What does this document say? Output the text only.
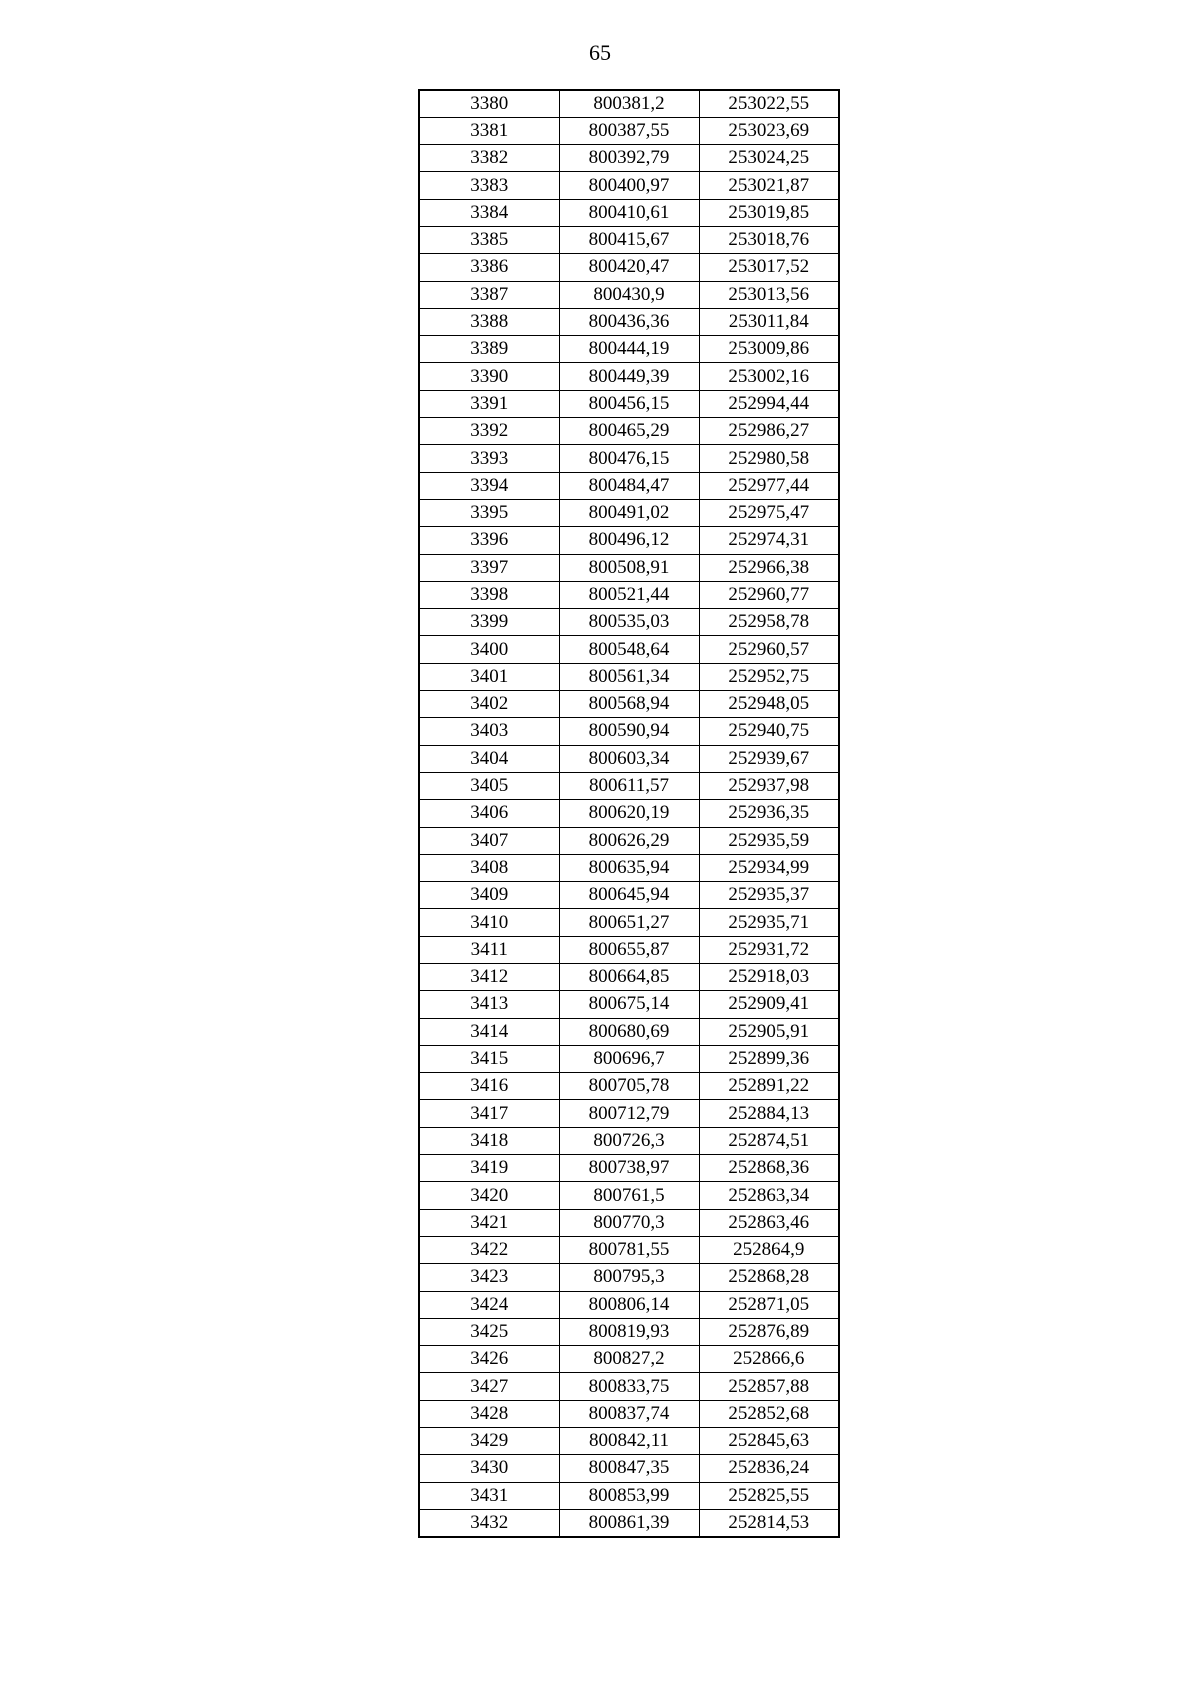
65
3380	800381,2	253022,55
3381	800387,55	253023,69
3382	800392,79	253024,25
3383	800400,97	253021,87
3384	800410,61	253019,85
3385	800415,67	253018,76
3386	800420,47	253017,52
3387	800430,9	253013,56
3388	800436,36	253011,84
3389	800444,19	253009,86
3390	800449,39	253002,16
3391	800456,15	252994,44
3392	800465,29	252986,27
3393	800476,15	252980,58
3394	800484,47	252977,44
3395	800491,02	252975,47
3396	800496,12	252974,31
3397	800508,91	252966,38
3398	800521,44	252960,77
3399	800535,03	252958,78
3400	800548,64	252960,57
3401	800561,34	252952,75
3402	800568,94	252948,05
3403	800590,94	252940,75
3404	800603,34	252939,67
3405	800611,57	252937,98
3406	800620,19	252936,35
3407	800626,29	252935,59
3408	800635,94	252934,99
3409	800645,94	252935,37
3410	800651,27	252935,71
3411	800655,87	252931,72
3412	800664,85	252918,03
3413	800675,14	252909,41
3414	800680,69	252905,91
3415	800696,7	252899,36
3416	800705,78	252891,22
3417	800712,79	252884,13
3418	800726,3	252874,51
3419	800738,97	252868,36
3420	800761,5	252863,34
3421	800770,3	252863,46
3422	800781,55	252864,9
3423	800795,3	252868,28
3424	800806,14	252871,05
3425	800819,93	252876,89
3426	800827,2	252866,6
3427	800833,75	252857,88
3428	800837,74	252852,68
3429	800842,11	252845,63
3430	800847,35	252836,24
3431	800853,99	252825,55
3432	800861,39	252814,53
